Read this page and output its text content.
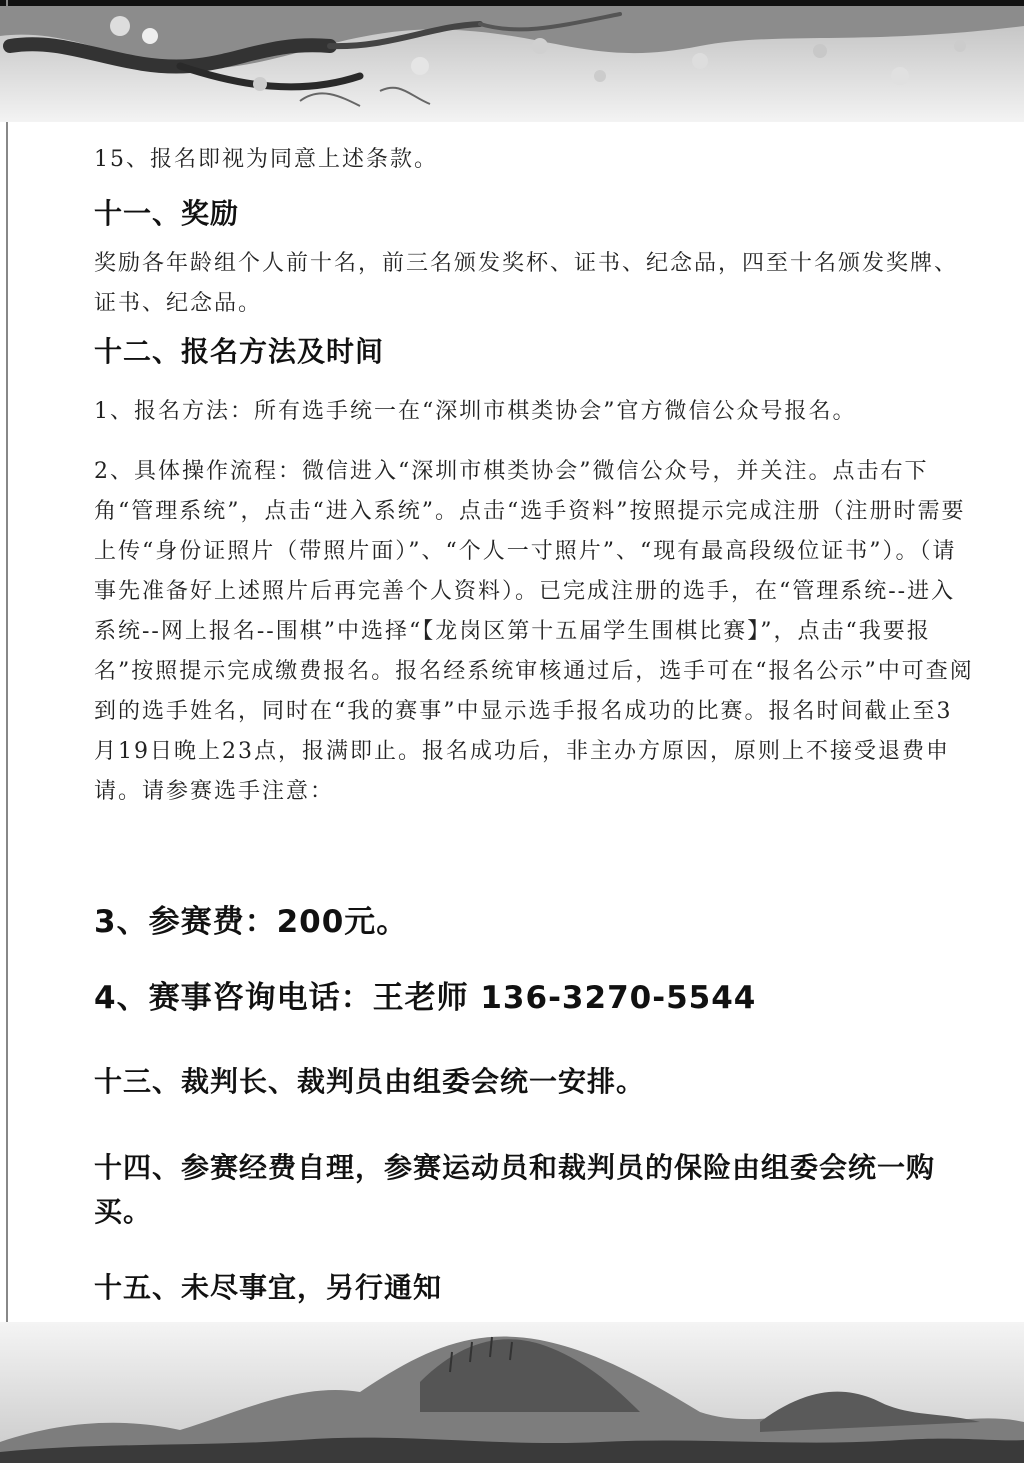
15、报名即视为同意上述条款。

十一、奖励

奖励各年龄组个人前十名，前三名颁发奖杯、证书、纪念品，四至十名颁发奖牌、证书、纪念品。

十二、报名方法及时间

1、报名方法：所有选手统一在“深圳市棋类协会”官方微信公众号报名。

2、具体操作流程：微信进入“深圳市棋类协会”微信公众号，并关注。点击右下角“管理系统”，点击“进入系统”。点击“选手资料”按照提示完成注册（注册时需要上传“身份证照片（带照片面）”、“个人一寸照片”、“现有最高段级位证书”）。（请事先准备好上述照片后再完善个人资料）。已完成注册的选手，在“管理系统--进入系统--网上报名--围棋”中选择“【龙岗区第十五届学生围棋比赛】”，点击“我要报名”按照提示完成缴费报名。报名经系统审核通过后，选手可在“报名公示”中可查阅到的选手姓名，同时在“我的赛事”中显示选手报名成功的比赛。报名时间截止至3月19日晚上23点，报满即止。报名成功后，非主办方原因，原则上不接受退费申请。请参赛选手注意：

3、参赛费：200元。

4、赛事咨询电话：王老师 136-3270-5544

十三、裁判长、裁判员由组委会统一安排。

十四、参赛经费自理，参赛运动员和裁判员的保险由组委会统一购买。

十五、未尽事宜，另行通知
